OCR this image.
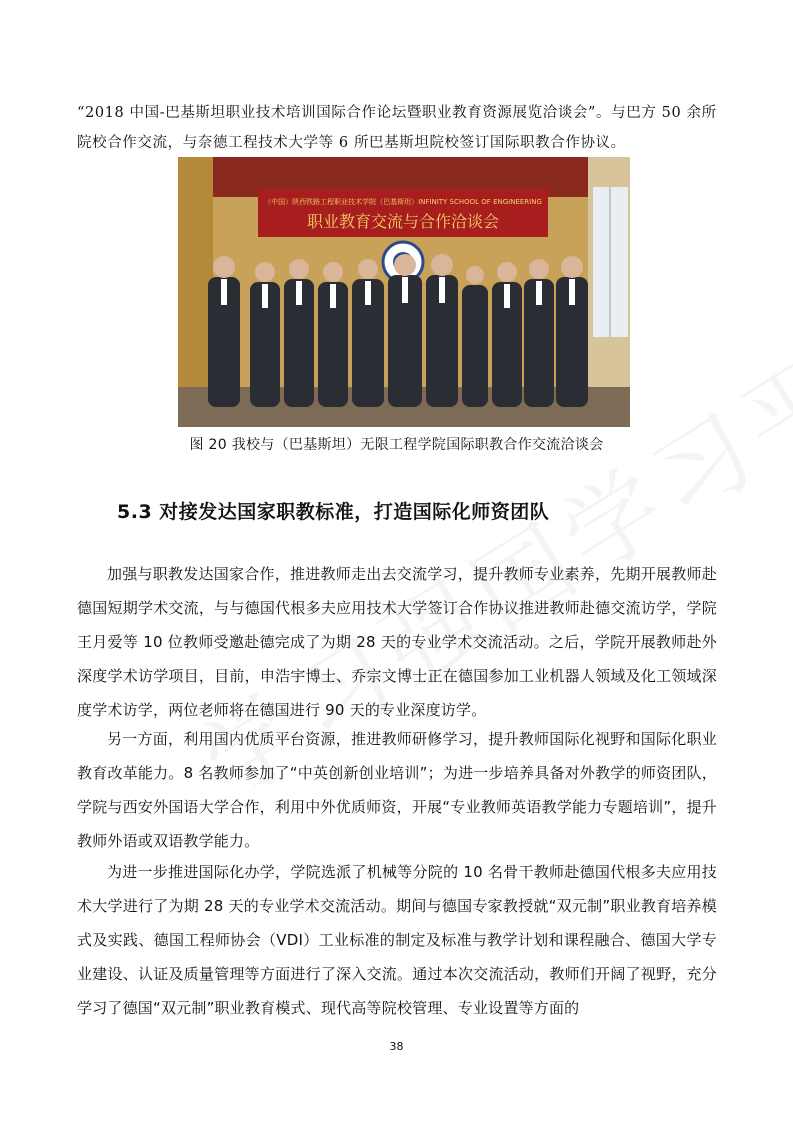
“2018 中国-巴基斯坦职业技术培训国际合作论坛暨职业教育资源展览洽谈会”。与巴方 50 余所院校合作交流，与奈德工程技术大学等 6 所巴基斯坦院校签订国际职教合作协议。
（中国）陕西铁路工程职业技术学院（巴基斯坦）INFINITY SCHOOL OF ENGINEERING
职业教育交流与合作洽谈会
图 20 我校与（巴基斯坦）无限工程学院国际职教合作交流洽谈会
5.3 对接发达国家职教标准，打造国际化师资团队
加强与职教发达国家合作，推进教师走出去交流学习，提升教师专业素养，先期开展教师赴德国短期学术交流，与与德国代根多夫应用技术大学签订合作协议推进教师赴德交流访学，学院王月爱等 10 位教师受邀赴德完成了为期 28 天的专业学术交流活动。之后，学院开展教师赴外深度学术访学项目，目前，申浩宇博士、乔宗文博士正在德国参加工业机器人领域及化工领域深度学术访学，两位老师将在德国进行 90 天的专业深度访学。
另一方面，利用国内优质平台资源，推进教师研修学习，提升教师国际化视野和国际化职业教育改革能力。8 名教师参加了“中英创新创业培训”；为进一步培养具备对外教学的师资团队，学院与西安外国语大学合作，利用中外优质师资，开展“专业教师英语教学能力专题培训”，提升教师外语或双语教学能力。
为进一步推进国际化办学，学院选派了机械等分院的 10 名骨干教师赴德国代根多夫应用技术大学进行了为期 28 天的专业学术交流活动。期间与德国专家教授就“双元制”职业教育培养模式及实践、德国工程师协会（VDI）工业标准的制定及标准与教学计划和课程融合、德国大学专业建设、认证及质量管理等方面进行了深入交流。通过本次交流活动，教师们开阔了视野，充分学习了德国“双元制”职业教育模式、现代高等院校管理、专业设置等方面的
38
